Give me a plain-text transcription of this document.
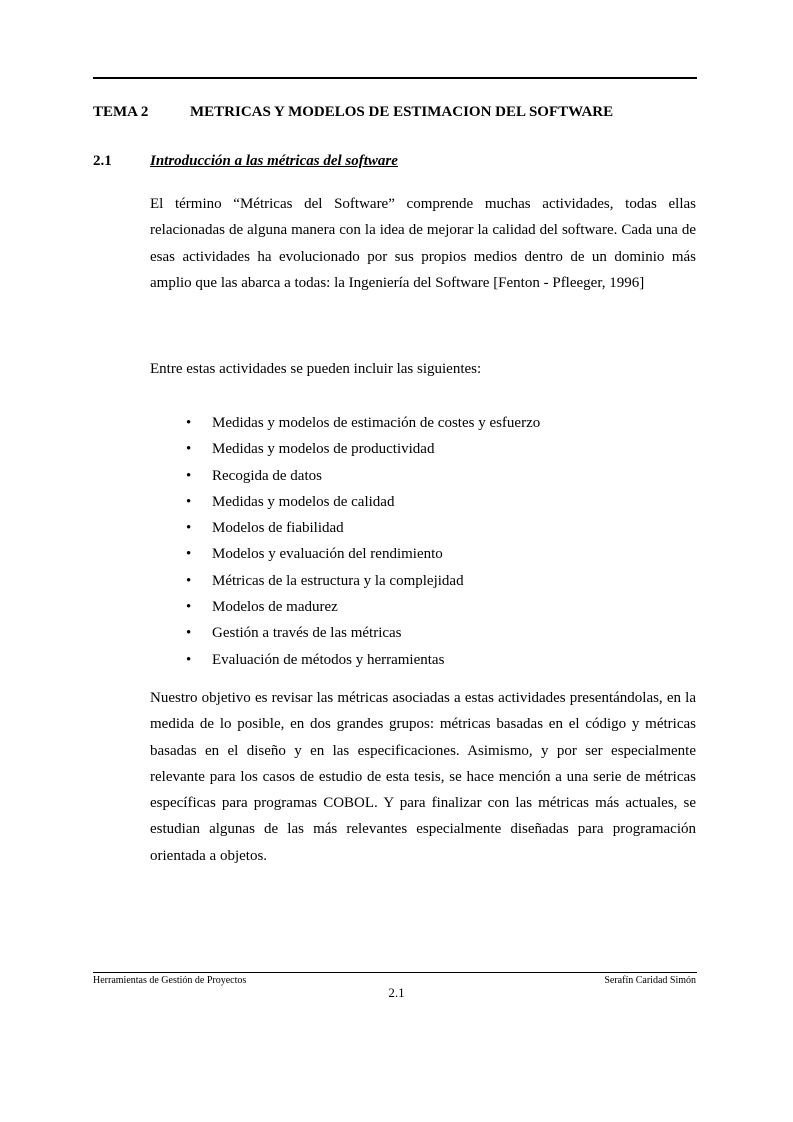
TEMA 2	METRICAS Y MODELOS DE ESTIMACION DEL SOFTWARE
2.1	Introducción a las métricas del software

El término “Métricas del Software” comprende muchas actividades, todas ellas relacionadas de alguna manera con la idea de mejorar la calidad del software. Cada una de esas actividades ha evolucionado por sus propios medios dentro de un dominio más amplio que las abarca a todas: la Ingeniería del Software [Fenton - Pfleeger, 1996]

Entre estas actividades se pueden incluir las siguientes:

• Medidas y modelos de estimación de costes y esfuerzo
• Medidas y modelos de productividad
• Recogida de datos
• Medidas y modelos de calidad
• Modelos de fiabilidad
• Modelos y evaluación del rendimiento
• Métricas de la estructura y la complejidad
• Modelos de madurez
• Gestión a través de las métricas
• Evaluación de métodos y herramientas

Nuestro objetivo es revisar las métricas asociadas a estas actividades presentándolas, en la medida de lo posible, en dos grandes grupos: métricas basadas en el código y métricas basadas en el diseño y en las especificaciones. Asimismo, y por ser especialmente relevante para los casos de estudio de esta tesis, se hace mención a una serie de métricas específicas para programas COBOL. Y para finalizar con las métricas más actuales, se estudian algunas de las más relevantes especialmente diseñadas para programación orientada a objetos.

Herramientas de Gestión de Proyectos	Serafín Caridad Simón
2.1
